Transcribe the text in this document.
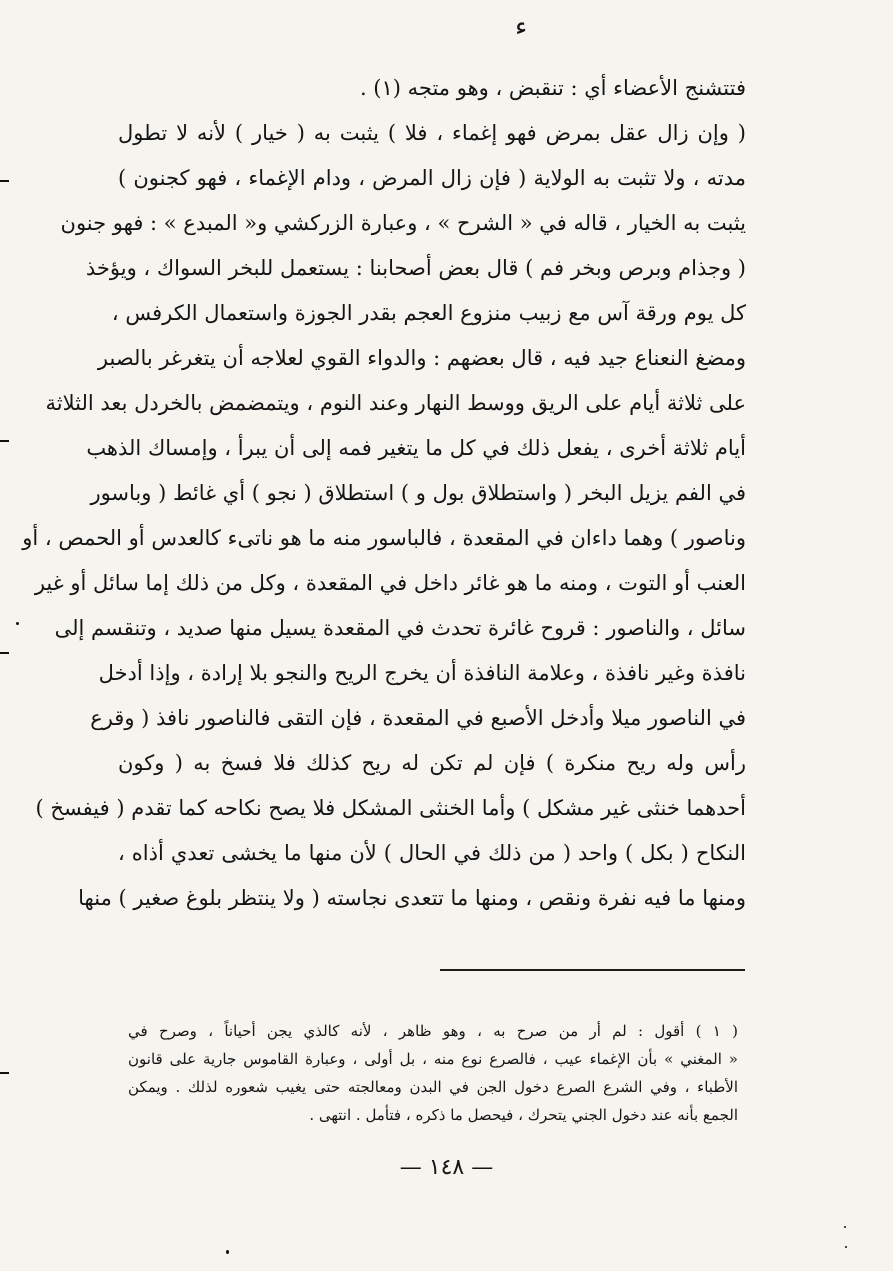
ء
فتتشنج الأعضاء أي : تنقبض ، وهو متجه (١) .
( وإن زال عقل بمرض فهو إغماء ، فلا ) يثبت به ( خيار ) لأنه لا تطول
مدته ، ولا تثبت به الولاية ( فإن زال المرض ، ودام الإغماء ، فهو كجنون )
يثبت به الخيار ، قاله في « الشرح » ، وعبارة الزركشي و« المبدع » : فهو جنون
( وجذام وبرص وبخر فم ) قال بعض أصحابنا : يستعمل للبخر السواك ، ويؤخذ
كل يوم ورقة آس مع زبيب منزوع العجم بقدر الجوزة واستعمال الكرفس ،
ومضغ النعناع جيد فيه ، قال بعضهم : والدواء القوي لعلاجه أن يتغرغر بالصبر
على ثلاثة أيام على الريق ووسط النهار وعند النوم ، ويتمضمض بالخردل بعد الثلاثة
أيام ثلاثة أخرى ، يفعل ذلك في كل ما يتغير فمه إلى أن يبرأ ، وإمساك الذهب
في الفم يزيل البخر ( واستطلاق بول و ) استطلاق ( نجو ) أي غائط ( وباسور
وناصور ) وهما داءان في المقعدة ، فالباسور منه ما هو ناتىء كالعدس أو الحمص ، أو
العنب أو التوت ، ومنه ما هو غائر داخل في المقعدة ، وكل من ذلك إما سائل أو غير
سائل ، والناصور : قروح غائرة تحدث في المقعدة يسيل منها صديد ، وتنقسم إلى
نافذة وغير نافذة ، وعلامة النافذة أن يخرج الريح والنجو بلا إرادة ، وإذا أدخل
في الناصور ميلا وأدخل الأصبع في المقعدة ، فإن التقى فالناصور نافذ ( وقرع
رأس وله ريح منكرة ) فإن لم تكن له ريح كذلك فلا فسخ به ( وكون
أحدهما خنثى غير مشكل ) وأما الخنثى المشكل فلا يصح نكاحه كما تقدم ( فيفسخ )
النكاح ( بكل ) واحد ( من ذلك في الحال ) لأن منها ما يخشى تعدي أذاه ،
ومنها ما فيه نفرة ونقص ، ومنها ما تتعدى نجاسته ( ولا ينتظر بلوغ صغير ) منها
( ١ ) أقول : لم أر من صرح به ، وهو ظاهر ، لأنه كالذي يجن أحياناً ، وصرح في
« المغني » بأن الإغماء عيب ، فالصرع نوع منه ، بل أولى ، وعبارة القاموس جارية على قانون
الأطباء ، وفي الشرع الصرع دخول الجن في البدن ومعالجته حتى يغيب شعوره لذلك . ويمكن
الجمع بأنه عند دخول الجني يتحرك ، فيحصل ما ذكره ، فتأمل . انتهى .
— ١٤٨ —
